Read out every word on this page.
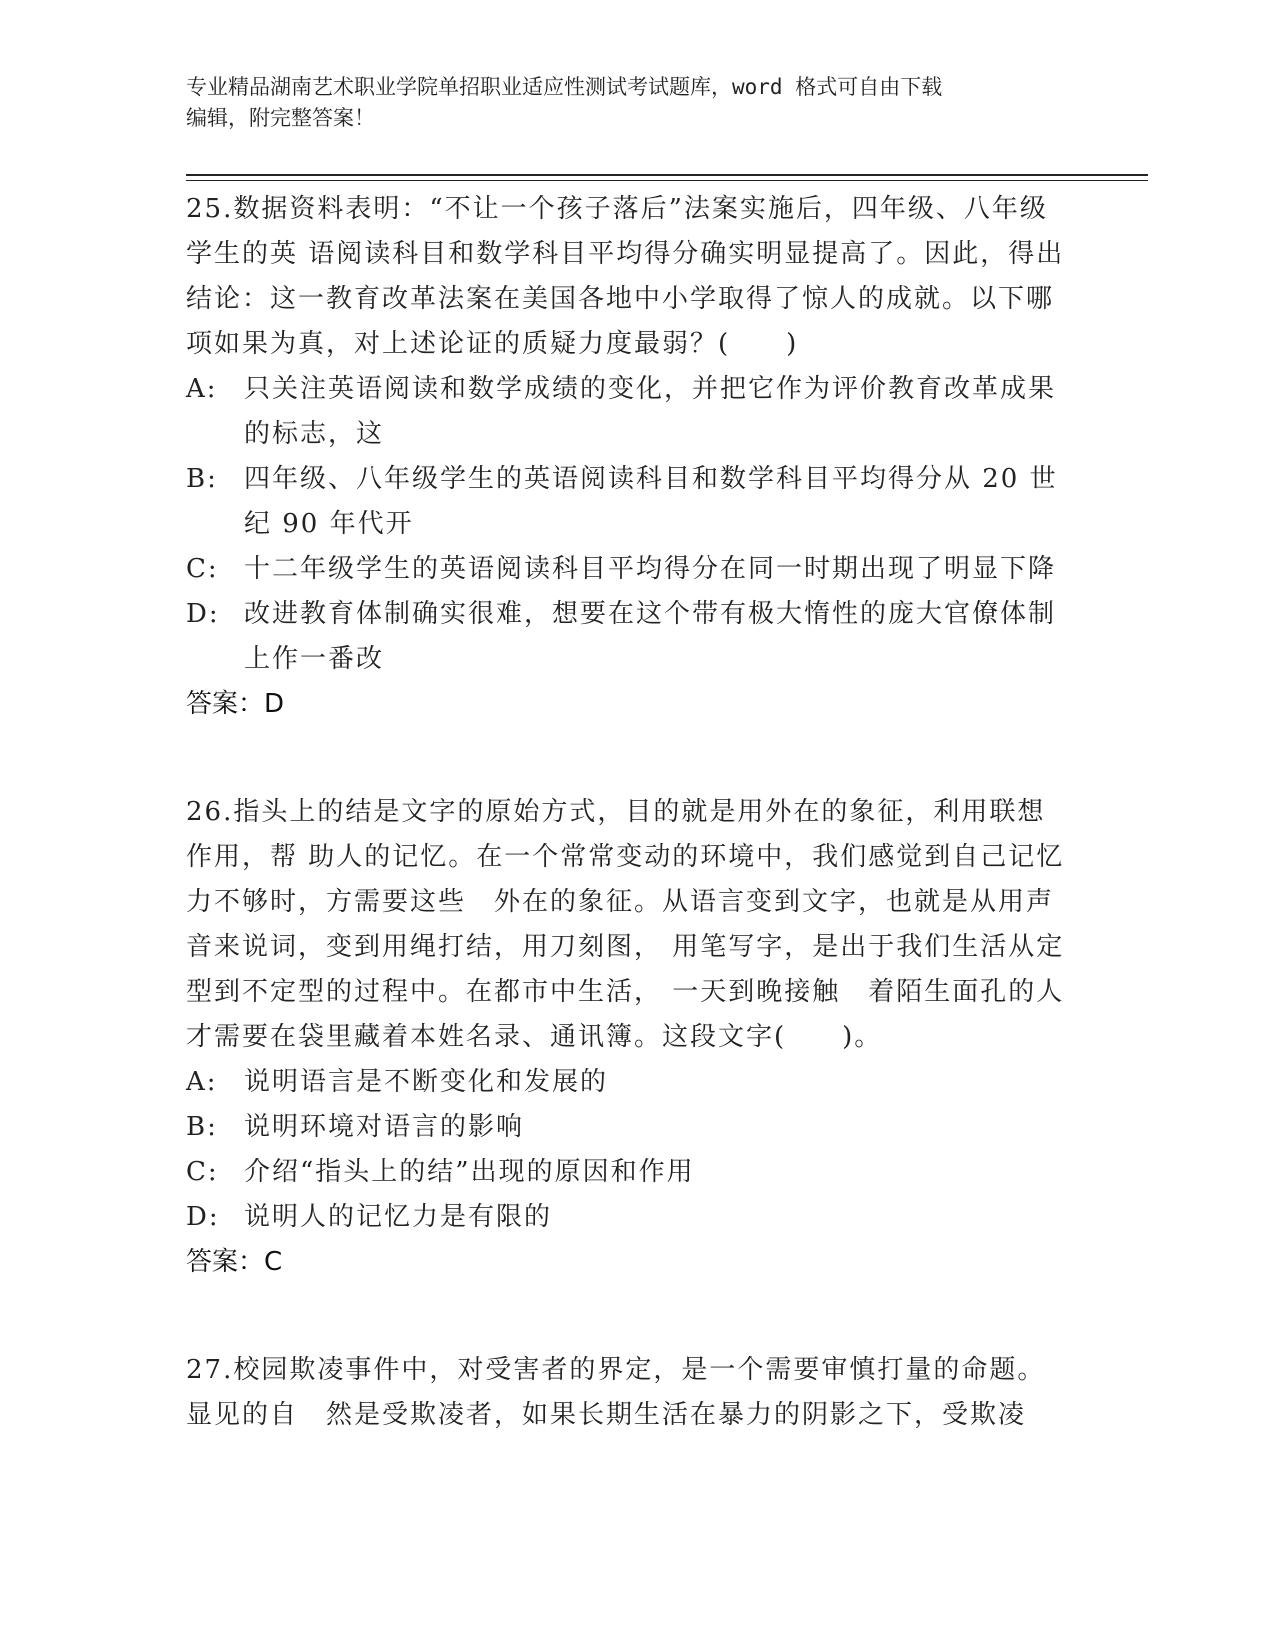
专业精品湖南艺术职业学院单招职业适应性测试考试题库，word 格式可自由下载
编辑，附完整答案！
25.数据资料表明：“不让一个孩子落后”法案实施后，四年级、八年级学生的英 语阅读科目和数学科目平均得分确实明显提高了。因此，得出结论：这一教育改革法案在美国各地中小学取得了惊人的成就。以下哪项如果为真，对上述论证的质疑力度最弱？(　　)
A:	只关注英语阅读和数学成绩的变化，并把它作为评价教育改革成果的标志，这
B:	四年级、八年级学生的英语阅读科目和数学科目平均得分从 20 世纪 90 年代开
C: 十二年级学生的英语阅读科目平均得分在同一时期出现了明显下降
D: 改进教育体制确实很难，想要在这个带有极大惰性的庞大官僚体制上作一番改
答案：D
26.指头上的结是文字的原始方式，目的就是用外在的象征，利用联想作用，帮 助人的记忆。在一个常常变动的环境中，我们感觉到自己记忆力不够时，方需要这些　外在的象征。从语言变到文字，也就是从用声音来说词，变到用绳打结，用刀刻图， 用笔写字，是出于我们生活从定型到不定型的过程中。在都市中生活， 一天到晚接触　着陌生面孔的人才需要在袋里藏着本姓名录、通讯簿。这段文字(　　)。
A:	说明语言是不断变化和发展的
B:	说明环境对语言的影响
C: 介绍“指头上的结”出现的原因和作用
D: 说明人的记忆力是有限的
答案：C
27.校园欺凌事件中，对受害者的界定，是一个需要审慎打量的命题。显见的自　然是受欺凌者，如果长期生活在暴力的阴影之下，受欺凌
